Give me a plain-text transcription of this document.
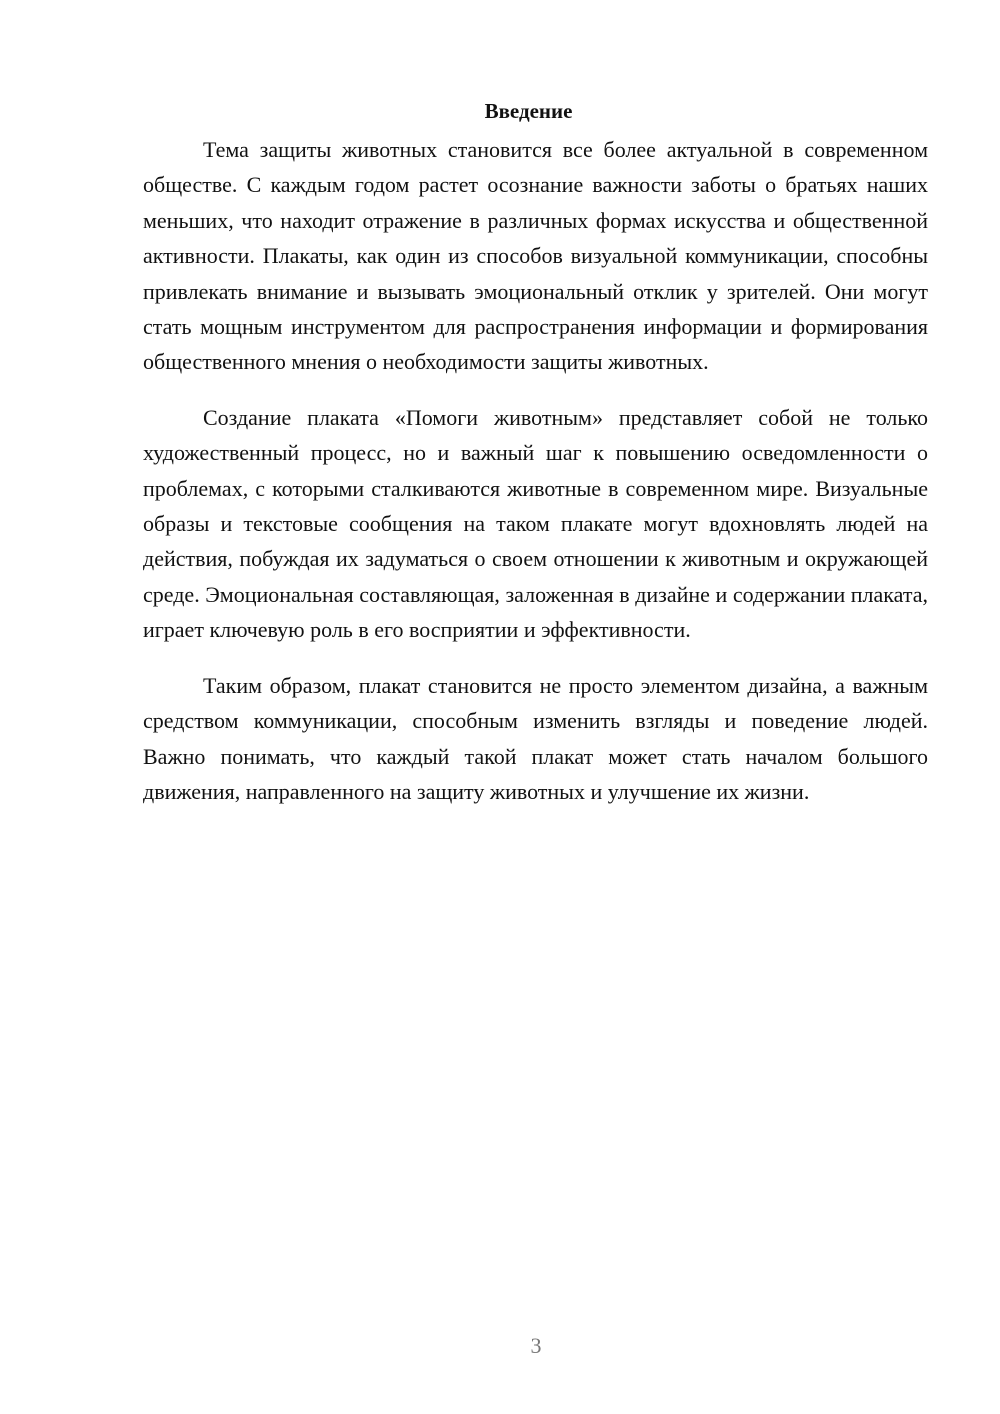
Введение

Тема защиты животных становится все более актуальной в современном обществе. С каждым годом растет осознание важности заботы о братьях наших меньших, что находит отражение в различных формах искусства и общественной активности. Плакаты, как один из способов визуальной коммуникации, способны привлекать внимание и вызывать эмоциональный отклик у зрителей. Они могут стать мощным инструментом для распространения информации и формирования общественного мнения о необходимости защиты животных.

Создание плаката «Помоги животным» представляет собой не только художественный процесс, но и важный шаг к повышению осведомленности о проблемах, с которыми сталкиваются животные в современном мире. Визуальные образы и текстовые сообщения на таком плакате могут вдохновлять людей на действия, побуждая их задуматься о своем отношении к животным и окружающей среде. Эмоциональная составляющая, заложенная в дизайне и содержании плаката, играет ключевую роль в его восприятии и эффективности.

Таким образом, плакат становится не просто элементом дизайна, а важным средством коммуникации, способным изменить взгляды и поведение людей. Важно понимать, что каждый такой плакат может стать началом большого движения, направленного на защиту животных и улучшение их жизни.

3
